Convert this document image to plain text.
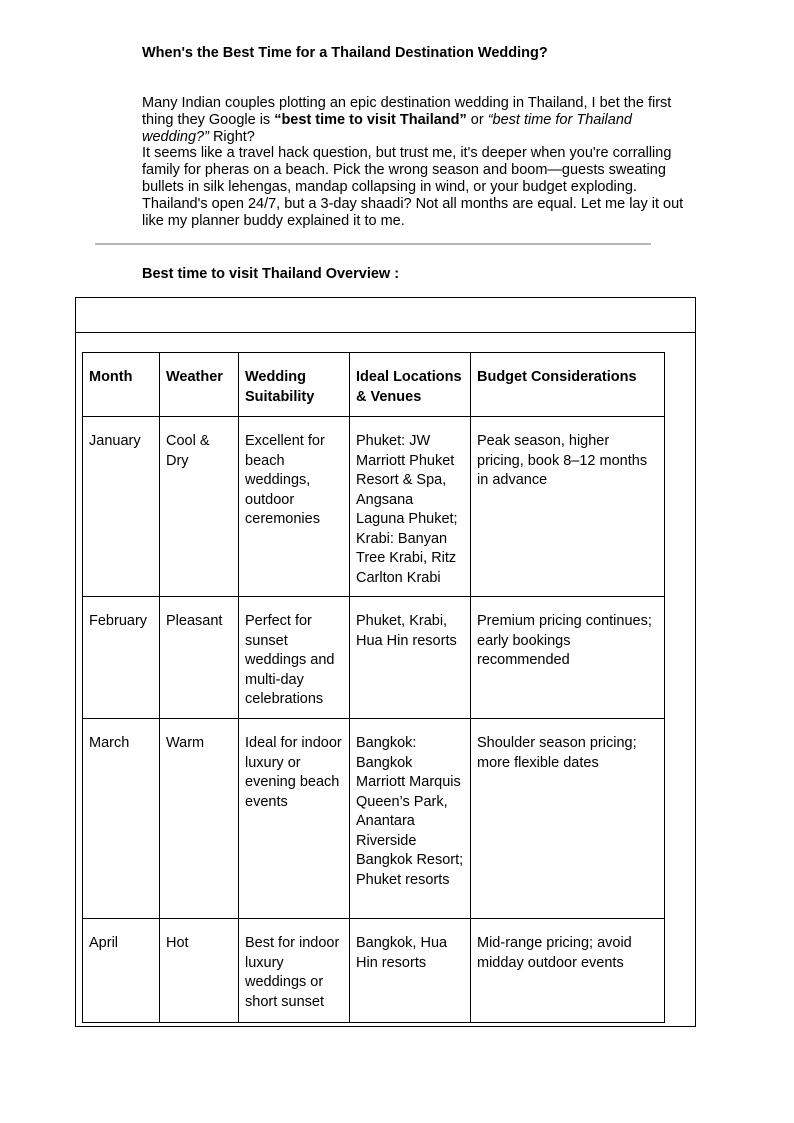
When's the Best Time for a Thailand Destination Wedding?

Many Indian couples plotting an epic destination wedding in Thailand, I bet the first thing they Google is “best time to visit Thailand” or “best time for Thailand wedding?” Right?

It seems like a travel hack question, but trust me, it's deeper when you're corralling family for pheras on a beach. Pick the wrong season and boom—guests sweating bullets in silk lehengas, mandap collapsing in wind, or your budget exploding. Thailand's open 24/7, but a 3-day shaadi? Not all months are equal. Let me lay it out like my planner buddy explained it to me.

Best time to visit Thailand Overview :
Month	Weather	Wedding Suitability	Ideal Locations & Venues	Budget Considerations
January	Cool & Dry	Excellent for beach weddings, outdoor ceremonies	Phuket: JW Marriott Phuket Resort & Spa, Angsana Laguna Phuket; Krabi: Banyan Tree Krabi, Ritz Carlton Krabi	Peak season, higher pricing, book 8–12 months in advance
February	Pleasant	Perfect for sunset weddings and multi-day celebrations	Phuket, Krabi, Hua Hin resorts	Premium pricing continues; early bookings recommended
March	Warm	Ideal for indoor luxury or evening beach events	Bangkok: Bangkok Marriott Marquis Queen’s Park, Anantara Riverside Bangkok Resort; Phuket resorts	Shoulder season pricing; more flexible dates
April	Hot	Best for indoor luxury weddings or short sunset	Bangkok, Hua Hin resorts	Mid-range pricing; avoid midday outdoor events
